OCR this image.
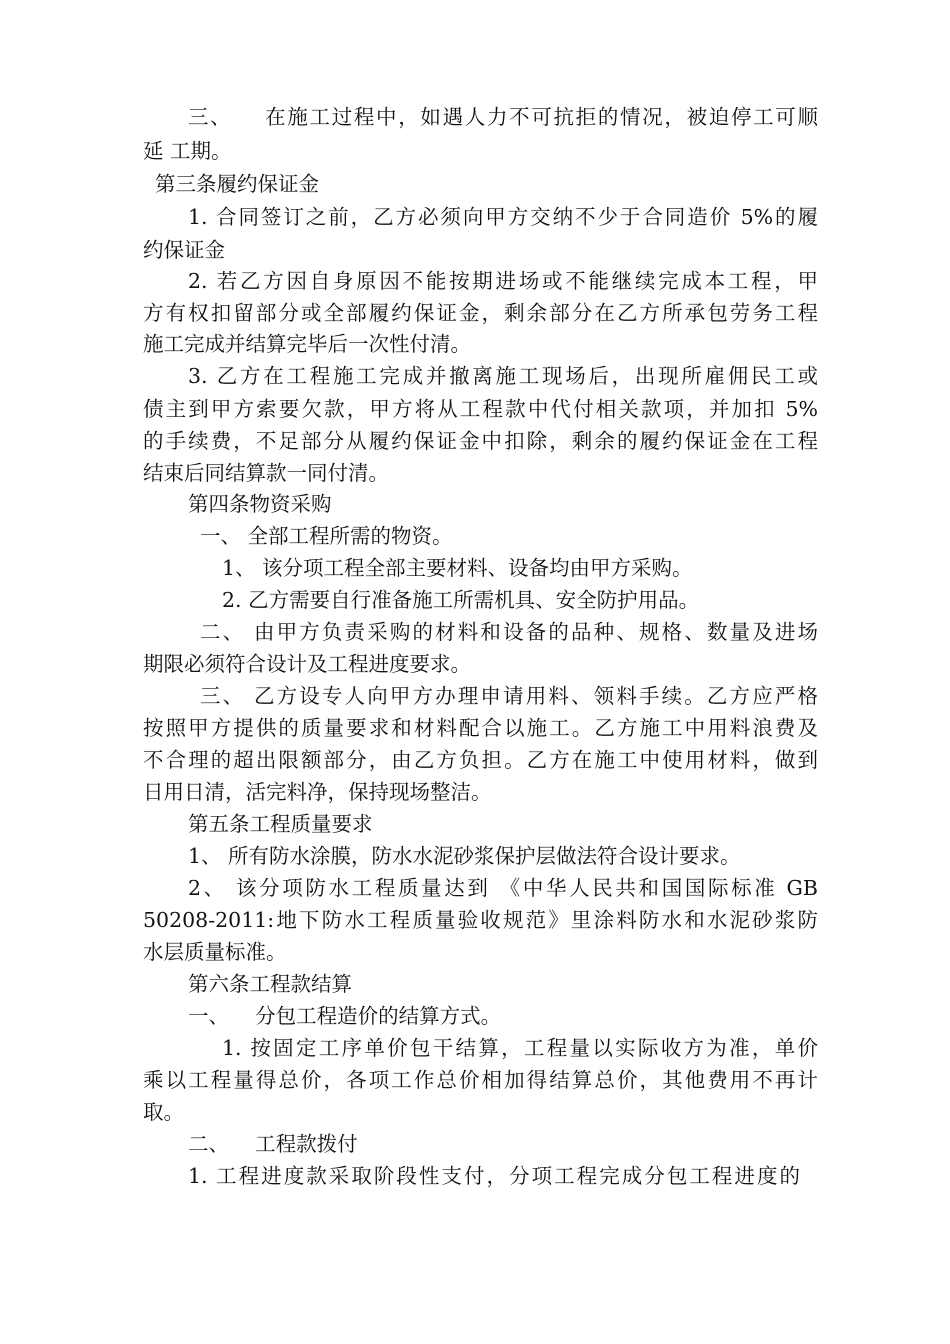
三、    在施工过程中，如遇人力不可抗拒的情况，被迫停工可顺

延 工期。

第三条履约保证金

1. 合同签订之前，乙方必须向甲方交纳不少于合同造价 5%的履

约保证金

2. 若乙方因自身原因不能按期进场或不能继续完成本工程，甲

方有权扣留部分或全部履约保证金，剩余部分在乙方所承包劳务工程

施工完成并结算完毕后一次性付清。

3. 乙方在工程施工完成并撤离施工现场后，出现所雇佣民工或

债主到甲方索要欠款，甲方将从工程款中代付相关款项，并加扣 5%

的手续费，不足部分从履约保证金中扣除，剩余的履约保证金在工程

结束后同结算款一同付清。

第四条物资采购

一、 全部工程所需的物资。

1、 该分项工程全部主要材料、设备均由甲方采购。

2. 乙方需要自行准备施工所需机具、安全防护用品。

二、 由甲方负责采购的材料和设备的品种、规格、数量及进场

期限必须符合设计及工程进度要求。

三、 乙方设专人向甲方办理申请用料、领料手续。乙方应严格

按照甲方提供的质量要求和材料配合以施工。乙方施工中用料浪费及

不合理的超出限额部分，由乙方负担。乙方在施工中使用材料，做到

日用日清，活完料净，保持现场整洁。

第五条工程质量要求

1、 所有防水涂膜，防水水泥砂浆保护层做法符合设计要求。

2、 该分项防水工程质量达到 《中华人民共和国国际标准 GB

50208-2011:地下防水工程质量验收规范》里涂料防水和水泥砂浆防

水层质量标准。

第六条工程款结算

一、    分包工程造价的结算方式。

1. 按固定工序单价包干结算，工程量以实际收方为准，单价

乘以工程量得总价，各项工作总价相加得结算总价，其他费用不再计

取。

二、    工程款拨付

1. 工程进度款采取阶段性支付，分项工程完成分包工程进度的
